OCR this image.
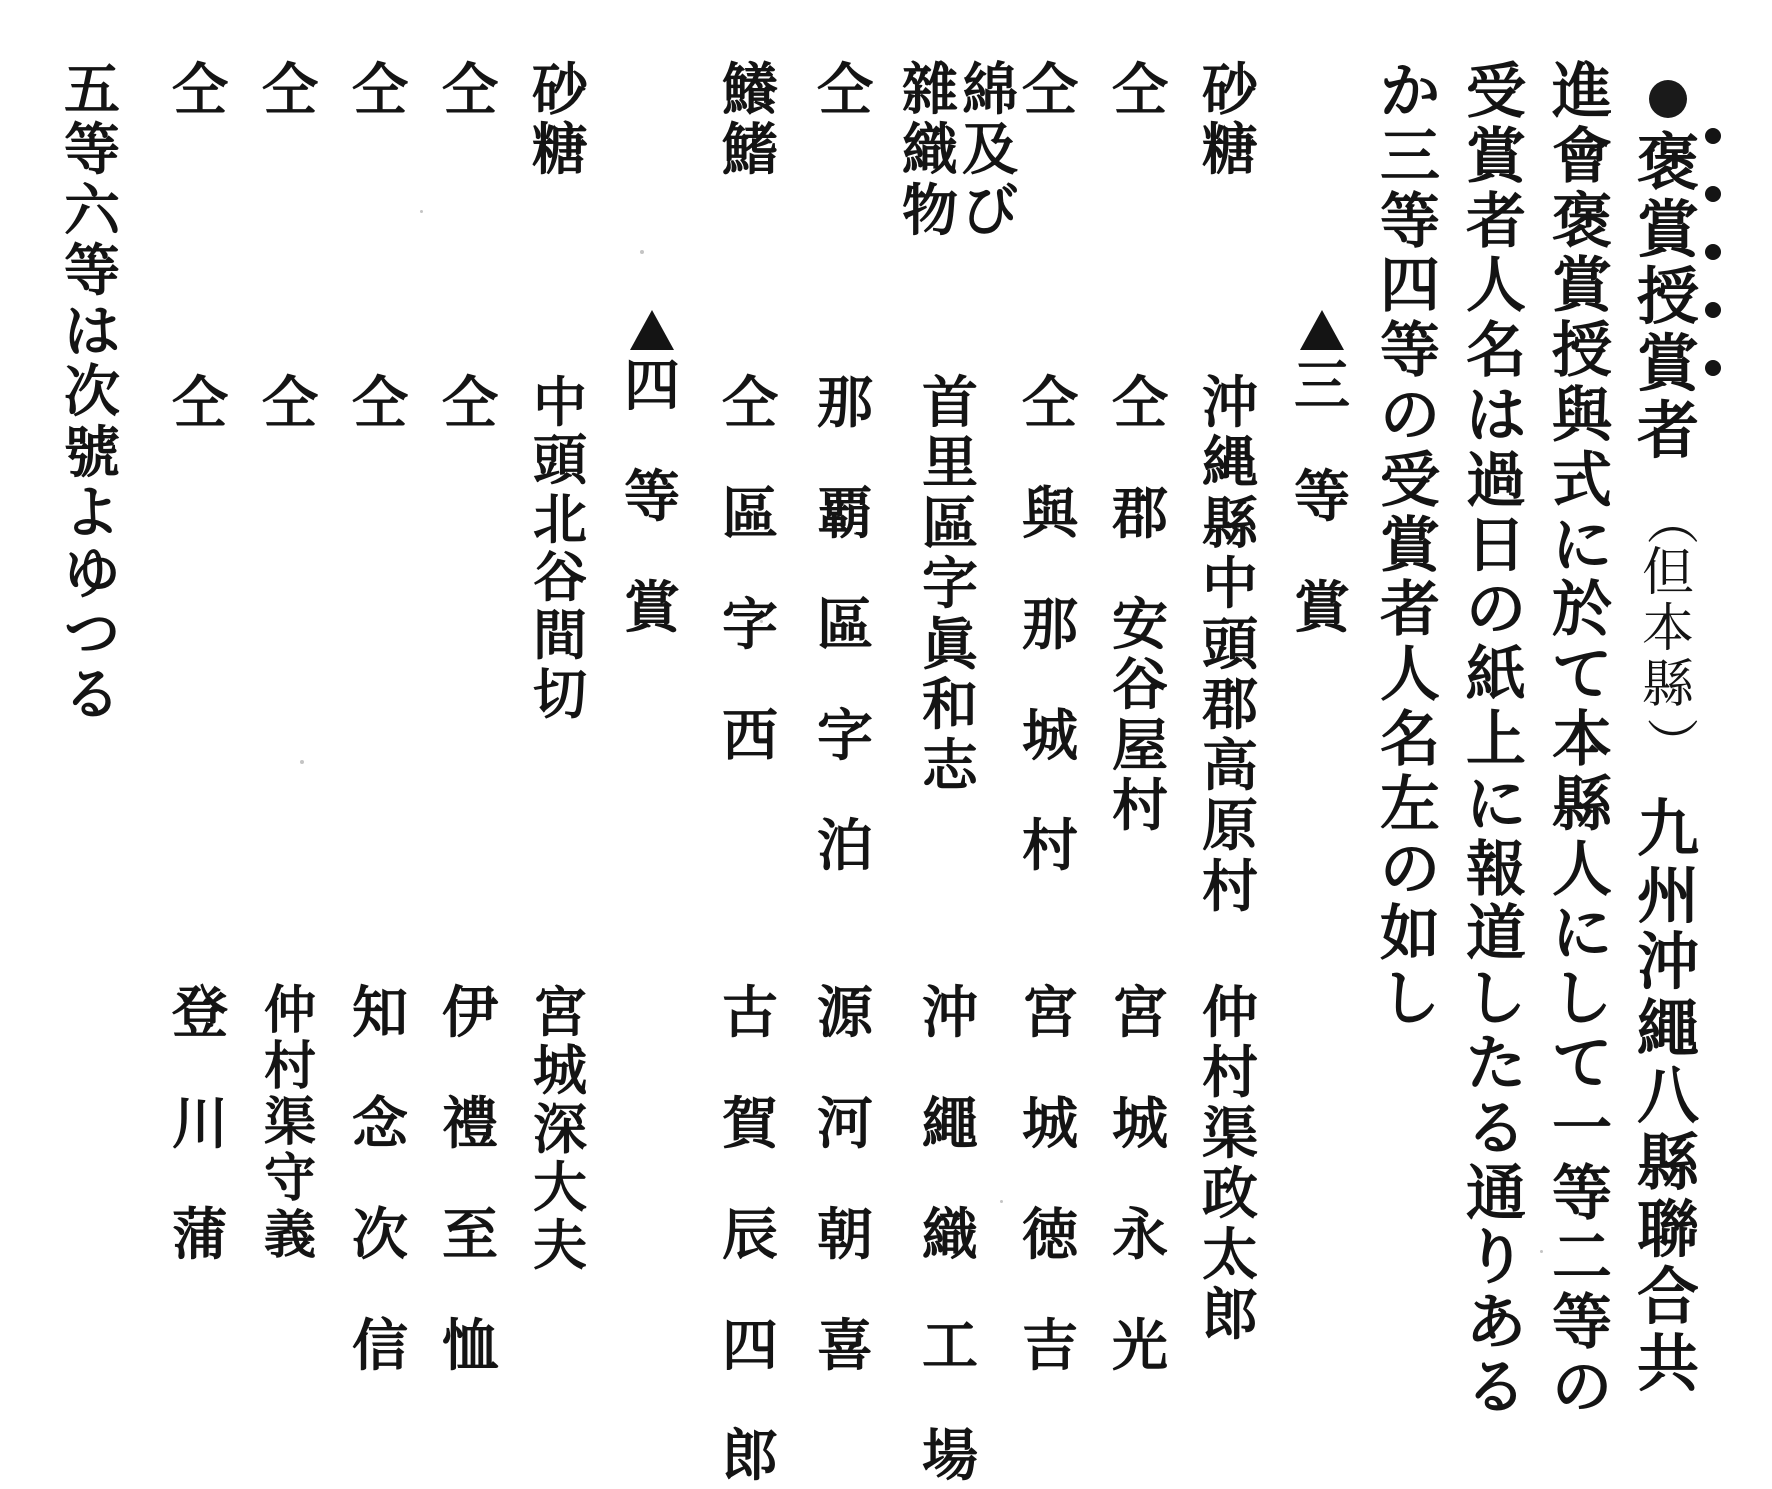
褒
賞
授
賞
者
（
但
本
縣
）
九
州
沖
繩
八
縣
聯
合
共
進
會
褒
賞
授
與
式
に
於
て
本
縣
人
に
し
て
一
等
二
等
の
受
賞
者
人
名
は
過
日
の
紙
上
に
報
道
し
た
る
通
り
あ
る
か
三
等
四
等
の
受
賞
者
人
名
左
の
如
し
三

等

賞
砂
糖
沖
縄
縣
中
頭
郡
高
原
村
仲
村
渠
政
太
郎
仝
仝

郡

安
谷
屋
村
宮

城

永

光
仝
仝

與

那

城

村
宮

城

徳

吉
綿
及
び
雜
織
物
首
里
區
字
眞
和
志
沖

繩

織

工

場
仝
那

覇

區

字

泊
源

河

朝

喜
鱶
鰭
仝

區

字

西
古

賀

辰

四

郎
四

等

賞
砂
糖
中
頭
北
谷
間
切
宮
城
深
大
夫
仝
仝
伊

禮

至

恤
仝
仝
知

念

次

信
仝
仝
仲
村
渠
守
義
仝
仝
登

川

蒲
五
等
六
等
は
次
號
よ
ゆ
つ
る
